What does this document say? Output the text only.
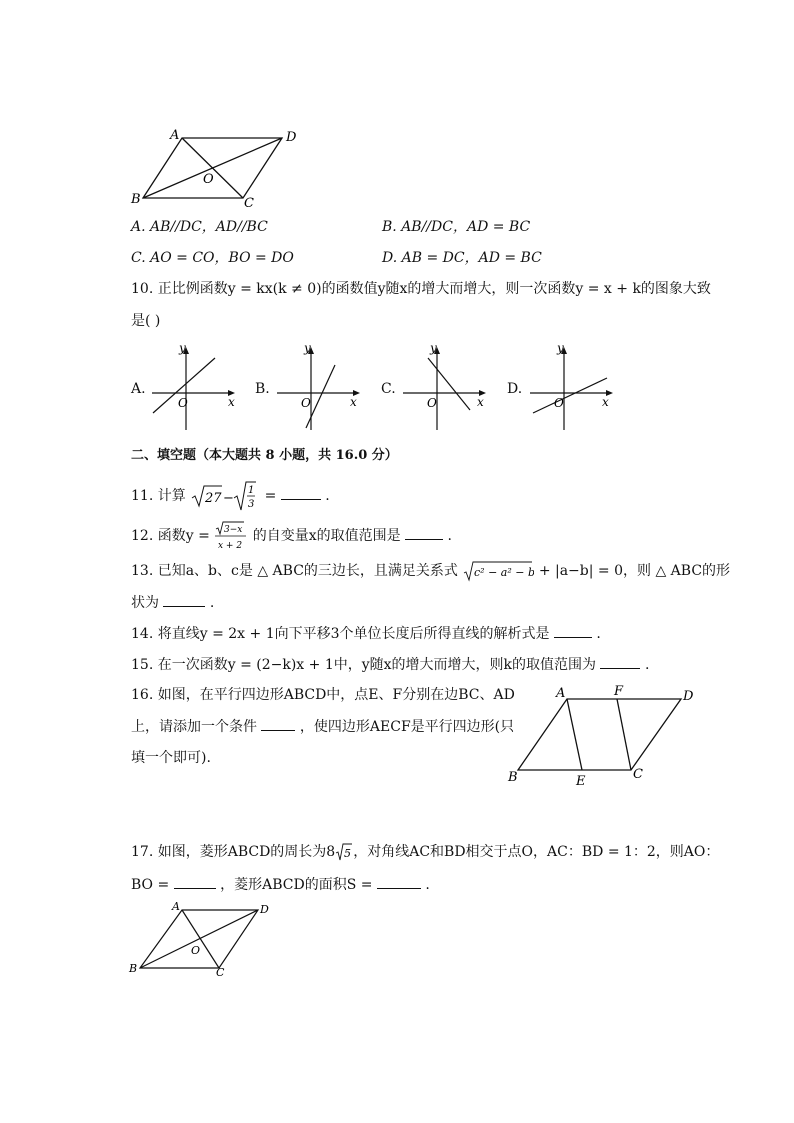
A	D
B	C
O
A. AB//DC，AD//BC	B. AB//DC，AD = BC
C. AO = CO，BO = DO	D. AB = DC，AD = BC
10. 正比例函数y = kx(k ≠ 0)的函数值y随x的增大而增大，则一次函数y = x + k的图象大致
是( )
A.
y
x
O
B.
y
x
O
C.
y
x
O
D.
y
x
O
二、填空题（本大题共 8 小题，共 16.0 分）
11. 计算 27 −
1
3
=	.
12. 函数y = 3−x
x + 2
的自变量x的取值范围是	.
13. 已知a、b、c是 △ ABC的三边长，且满足关系式 c² − a² − b² + |a−b| = 0，则 △ ABC的形
状为	.
14. 将直线y = 2x + 1向下平移3个单位长度后所得直线的解析式是	.
15. 在一次函数y = (2−k)x + 1中，y随x的增大而增大，则k的取值范围为	.
16. 如图，在平行四边形ABCD中，点E、F分别在边BC、AD
上，请添加一个条件	，使四边形AECF是平行四边形(只
填一个即可).
A	F	D
B	E	C
17. 如图，菱形ABCD的周长为8 5 ，对角线AC和BD相交于点O，AC：BD = 1：2，则AO：
BO =	，菱形ABCD的面积S =	.
A	D
B	C
O
